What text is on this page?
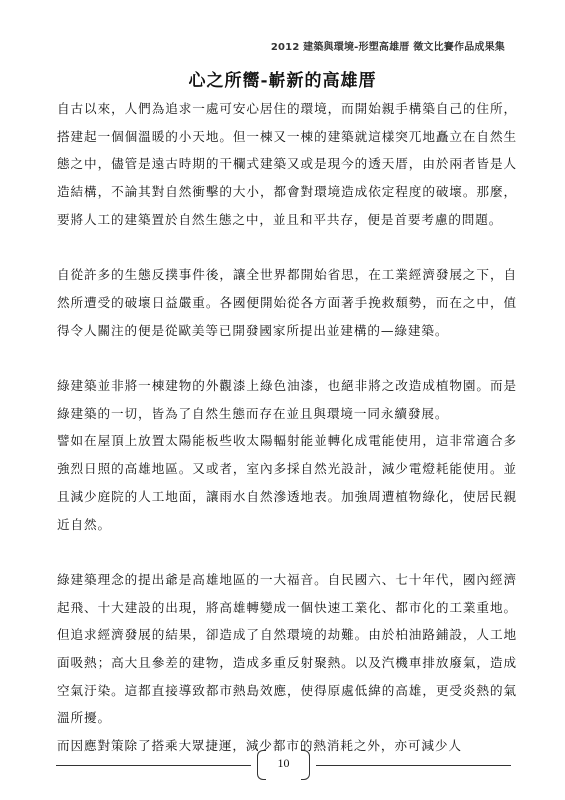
2012 建築與環境-形塑高雄厝 徵文比賽作品成果集
心之所嚮-嶄新的高雄厝

自古以來，人們為追求一處可安心居住的環境，而開始親手構築自己的住所，搭建起一個個溫暖的小天地。但一棟又一棟的建築就這樣突兀地矗立在自然生態之中，儘管是遠古時期的干欄式建築又或是現今的透天厝，由於兩者皆是人造結構，不論其對自然衝擊的大小，都會對環境造成依定程度的破壞。那麼，要將人工的建築置於自然生態之中，並且和平共存，便是首要考慮的問題。

自從許多的生態反撲事件後，讓全世界都開始省思，在工業經濟發展之下，自然所遭受的破壞日益嚴重。各國便開始從各方面著手挽救頹勢，而在之中，值得令人關注的便是從歐美等已開發國家所提出並建構的—綠建築。

綠建築並非將一棟建物的外觀漆上綠色油漆，也絕非將之改造成植物園。而是綠建築的一切，皆為了自然生態而存在並且與環境一同永續發展。

譬如在屋頂上放置太陽能板些收太陽輻射能並轉化成電能使用，這非常適合多強烈日照的高雄地區。又或者，室內多採自然光設計，減少電燈耗能使用。並且減少庭院的人工地面，讓雨水自然滲透地表。加強周遭植物綠化，使居民親近自然。

綠建築理念的提出爺是高雄地區的一大福音。自民國六、七十年代，國內經濟起飛、十大建設的出現，將高雄轉變成一個快速工業化、都市化的工業重地。但追求經濟發展的結果，卻造成了自然環境的劫難。由於柏油路鋪設，人工地面吸熱；高大且參差的建物，造成多重反射聚熱。以及汽機車排放廢氣，造成空氣汙染。這都直接導致都市熱島效應，使得原處低緯的高雄，更受炎熱的氣溫所擾。

而因應對策除了搭乘大眾捷運，減少都市的熱消耗之外，亦可減少人

10
